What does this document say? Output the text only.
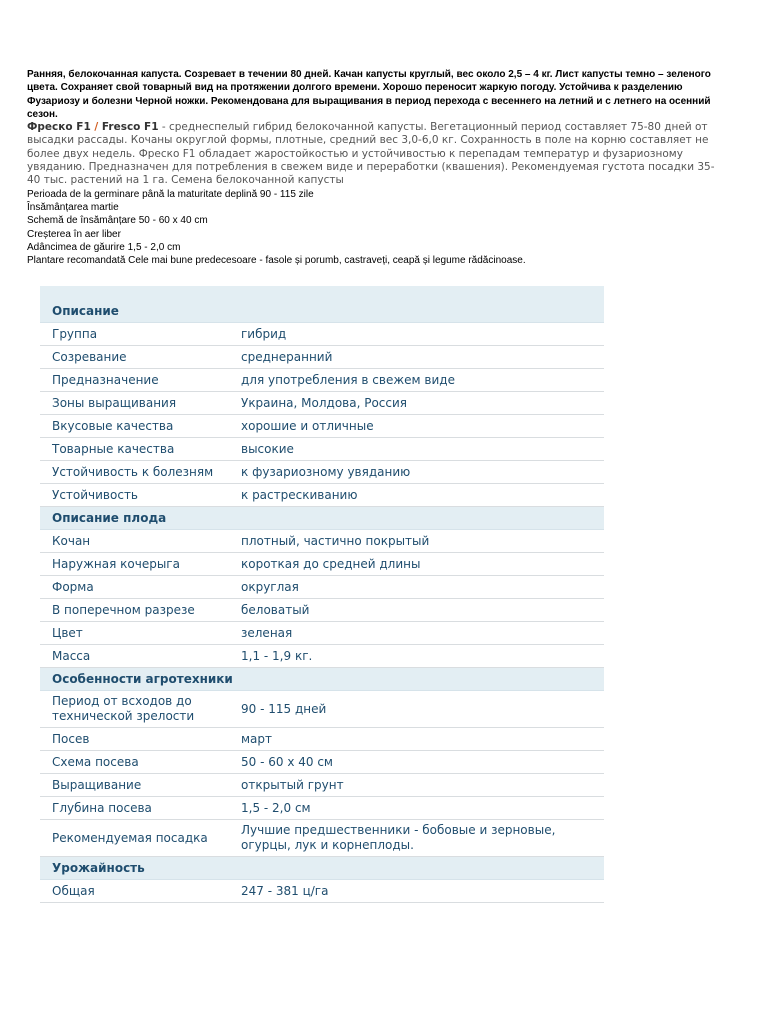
Ранняя, белокочанная капуста. Созревает в течении 80 дней. Качан капусты круглый, вес около 2,5 – 4 кг. Лист капусты темно – зеленого цвета. Сохраняет свой товарный вид на протяжении долгого времени. Хорошо переносит жаркую погоду. Устойчива к разделению Фузариозу и болезни Черной ножки. Рекомендована для выращивания в период перехода с весеннего на летний и с летнего на осенний сезон.

Фреско F1 / Fresco F1 - среднеспелый гибрид белокочанной капусты. Вегетационный период составляет 75-80 дней от высадки рассады. Кочаны округлой формы, плотные, средний вес 3,0-6,0 кг. Сохранность в поле на корню составляет не более двух недель. Фреско F1 обладает жаростойкостью и устойчивостью к перепадам температур и фузариозному увяданию. Предназначен для потребления в свежем виде и переработки (квашения). Рекомендуемая густота посадки 35-40 тыс. растений на 1 га. Семена белокочанной капусты

Perioada de la germinare până la maturitate deplină 90 - 115 zile

Însămânțarea martie

Schemă de însămânțare 50 - 60 x 40 cm

Creșterea în aer liber

Adâncimea de găurire 1,5 - 2,0 cm

Plantare recomandată Cele mai bune predecesoare - fasole și porumb, castraveți, ceapă și legume rădăcinoase.

Описание	
Группа	гибрид
Созревание	среднеранний
Предназначение	для употребления в свежем виде
Зоны выращивания	Украина, Молдова, Россия
Вкусовые качества	хорошие и отличные
Товарные качества	высокие
Устойчивость к болезням	к фузариозному увяданию
Устойчивость	к растрескиванию
Описание плода	
Кочан	плотный, частично покрытый
Наружная кочерыга	короткая до средней длины
Форма	округлая
В поперечном разрезе	беловатый
Цвет	зеленая
Масса	1,1 - 1,9 кг.
Особенности агротехники	
Период от всходов до технической зрелости	90 - 115 дней
Посев	март
Схема посева	50 - 60 х 40 см
Выращивание	открытый грунт
Глубина посева	1,5 - 2,0 см
Рекомендуемая посадка	Лучшие предшественники - бобовые и зерновые, огурцы, лук и корнеплоды.
Урожайность	
Общая	247 - 381 ц/га
